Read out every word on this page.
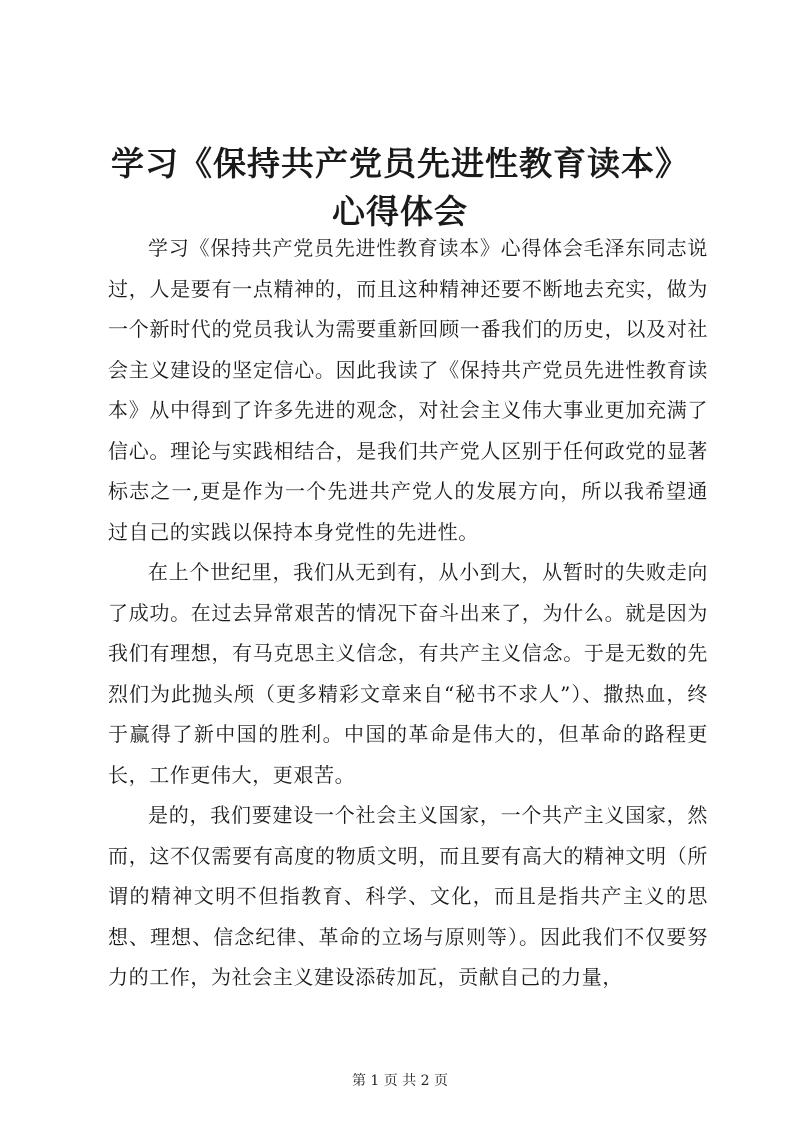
学习《保持共产党员先进性教育读本》心得体会

学习《保持共产党员先进性教育读本》心得体会毛泽东同志说过，人是要有一点精神的，而且这种精神还要不断地去充实，做为一个新时代的党员我认为需要重新回顾一番我们的历史，以及对社会主义建设的坚定信心。因此我读了《保持共产党员先进性教育读本》从中得到了许多先进的观念，对社会主义伟大事业更加充满了信心。理论与实践相结合，是我们共产党人区别于任何政党的显著标志之一,更是作为一个先进共产党人的发展方向，所以我希望通过自己的实践以保持本身党性的先进性。

在上个世纪里，我们从无到有，从小到大，从暂时的失败走向了成功。在过去异常艰苦的情况下奋斗出来了，为什么。就是因为我们有理想，有马克思主义信念，有共产主义信念。于是无数的先烈们为此抛头颅（更多精彩文章来自“秘书不求人”）、撒热血，终于赢得了新中国的胜利。中国的革命是伟大的，但革命的路程更长，工作更伟大，更艰苦。

是的，我们要建设一个社会主义国家，一个共产主义国家，然而，这不仅需要有高度的物质文明，而且要有高大的精神文明（所谓的精神文明不但指教育、科学、文化，而且是指共产主义的思想、理想、信念纪律、革命的立场与原则等）。因此我们不仅要努力的工作，为社会主义建设添砖加瓦，贡献自己的力量，

第 1 页 共 2 页
